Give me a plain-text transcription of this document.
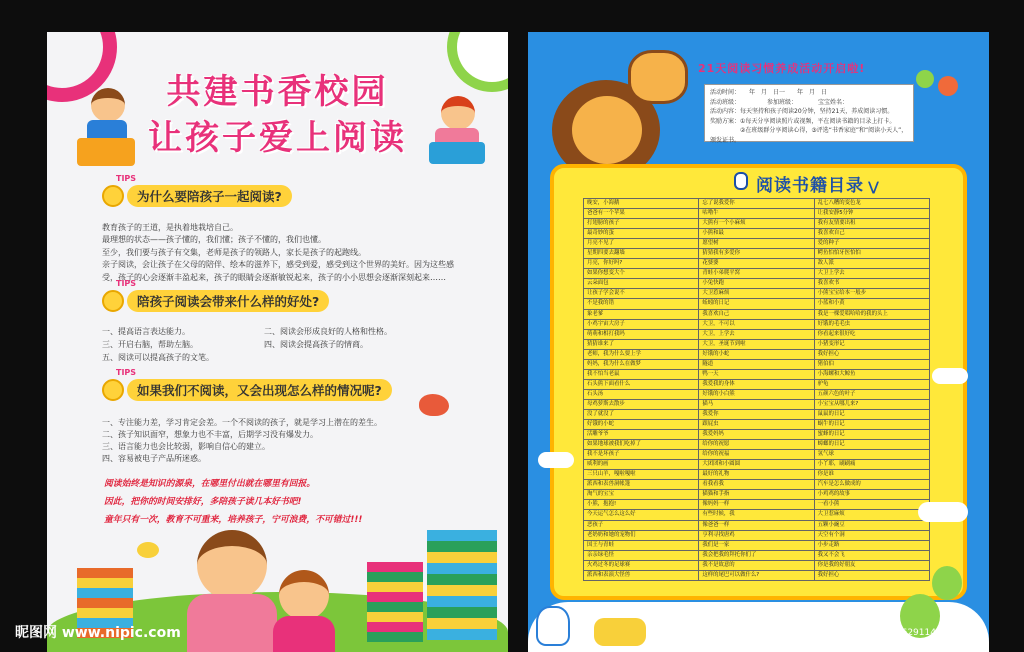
共建书香校园
让孩子爱上阅读
TIPS
为什么要陪孩子一起阅读?
教育孩子的王道，是执着地栽培自己。
最理想的状态——孩子懂的，我们懂；孩子不懂的，我们也懂。
至少，我们要与孩子有交集，老师是孩子的领路人，家长是孩子的起跑线。
亲子阅读，会让孩子在父母的陪伴、绘本的滋养下，感受到爱，感受到这个世界的美好。因为这些感
受，孩子的心会逐渐丰盈起来，孩子的眼睛会逐渐敏锐起来，孩子的小小思想会逐渐深刻起来……
TIPS
陪孩子阅读会带来什么样的好处?
一、提高语言表达能力。	二、阅读会形成良好的人格和性格。
三、开启右脑，帮助左脑。	四、阅读会提高孩子的情商。
五、阅读可以提高孩子的文笔。
TIPS
如果我们不阅读，又会出现怎么样的情况呢?
一、专注能力差，学习肯定会差。一个不阅读的孩子，就是学习上潜在的差生。
二、孩子知识面窄，想象力也不丰富，后期学习没有爆发力。
三、语言能力也会比较弱，影响自信心的建立。
四、容易被电子产品所迷惑。
阅读始终是知识的源泉，在哪里付出就在哪里有回报。
因此，把你的时间安排好，多陪孩子读几本好书吧!
童年只有一次，教育不可重来，培养孩子，宁可浪费，不可错过!!!
21天阅读习惯养成活动开启啦!
活动时间：　　年　月　日一　　年　月　日
活动班级：　　　　　参加班级：　　　　宝宝姓名：
活动内容：每天坚持和孩子阅读20分钟，坚持21天，养成阅读习惯。
奖励方案：①每天分享阅读照片或视频，平在阅读书籍的目录上打卡。
　　　　　②在班级群分享阅读心得，③评选“书香家庭”和“阅读小天人”，颁发证书。
阅读书籍目录 ⋁
晚安，小海鹅	忘了说我爱你	乱七八糟的变色龙
爸爸有一个苹果	咕噜牛	让我安静5分钟
打翅膀的孩子	大熊有一个小麻烦	我有友情要出租
最奇妙的蛋	小熊和最	我喜欢自己
月亮不见了	愿望树	爱的种子
星期四要去翻墙	猜猜我有多爱你	鳄鱼怕怕牙医怕怕
月亮，你好吗?	花婆婆	敌人派
如果你想变大个	青蛙小弟爬平窝	大卫上学去
云朵面包	小兔快跑	我喜欢书
让孩子学会说不	大卫惹麻烦	小熊宝宝给本一般步
不是我的错	蚯蚓的日记	小蓝和小黄
象老爹	我喜欢自己	我是一棵爱唱哈哈的我的头上
小鸡宇宙大房子	大卫，不可以	好饿的毛毛虫
萌萌和相打我吗	大卫，上学去	你看起来很好吃
猜猜谁来了	大卫，圣诞节到啦	小猪变形记
老师，我为什么要上学	好饿的小蛇	我好担心
妈妈，我为什么在做梦	隧道	猪伯伯
我不怕当老鼠	鸭一天	小海螺和大鲸鱼
石头熊下面看什么	我爱我的身体	驴龟
石头汤	好饿的小白熊	五颜六色的叶子
母鸡萝斯去散步	猫马	小宝宝从哪儿来?
没了就没了	我爱你	鼠鼠的日记
好饿的小蛇	跟屁虫	蜗牛的日记
活雕爷爷	我爱妈妈	蜜蜂的日记
如果地球被我们吃掉了	给你的祝愿	蟑螂的日记
我不是坏孩子	给你的祝福	氢气球
威利的画	大团团和小圆圆	小丫耶，刷刷痛
三只山羊，嘎啦嘎啦	最好的礼物	你是谁
派西和表兽洞帐篷	看我看我	汽车是怎么做成的
淘气的宝宝	猫猫和手指	小鸡鸡的故事
小熊，抱抱!	像妈妈一样	一看小熊
今天运气怎么这么好	有些时候，我	大卫惹麻烦
恶孩子	像爸爸一样	五颗小豌豆
老奶奶和她的宠物们	亨利寻找唐鸡	天空有个洞
国王与青蛙	我们是一家	小步走路
亲亲绿毛怪	我会把我的拜托你们了	我又不会飞
火鸡过冬的足球赛	我不是故意的	你是我的好朋友
派西和表演大怪兽	这样的尾巴可以做什么?	我好担心
昵图网 www.nipic.com	ID:24603910 NO:20180629114343196000
